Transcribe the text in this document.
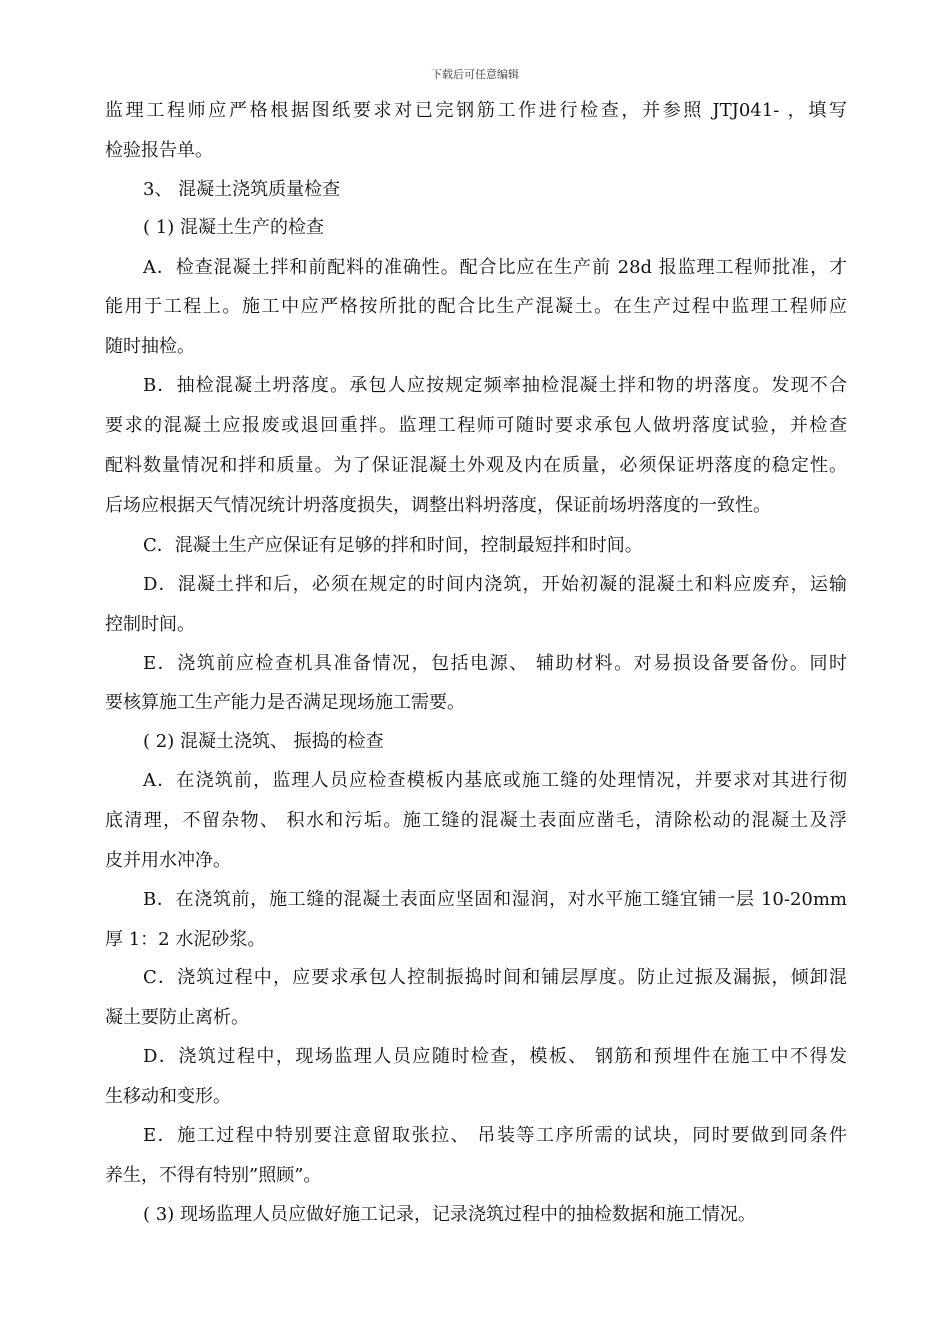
下载后可任意编辑
监理工程师应严格根据图纸要求对已完钢筋工作进行检查，并参照 JTJ041- ，填写
检验报告单。
3、 混凝土浇筑质量检查
( 1) 混凝土生产的检查
A．检查混凝土拌和前配料的准确性。配合比应在生产前 28d 报监理工程师批准，才
能用于工程上。施工中应严格按所批的配合比生产混凝土。在生产过程中监理工程师应
随时抽检。
B．抽检混凝土坍落度。承包人应按规定频率抽检混凝土拌和物的坍落度。发现不合
要求的混凝土应报废或退回重拌。监理工程师可随时要求承包人做坍落度试验，并检查
配料数量情况和拌和质量。为了保证混凝土外观及内在质量，必须保证坍落度的稳定性。
后场应根据天气情况统计坍落度损失，调整出料坍落度，保证前场坍落度的一致性。
C．混凝土生产应保证有足够的拌和时间，控制最短拌和时间。
D．混凝土拌和后，必须在规定的时间内浇筑，开始初凝的混凝土和料应废弃，运输
控制时间。
E．浇筑前应检查机具准备情况，包括电源、 辅助材料。对易损设备要备份。同时
要核算施工生产能力是否满足现场施工需要。
( 2) 混凝土浇筑、 振捣的检查
A．在浇筑前，监理人员应检查模板内基底或施工缝的处理情况，并要求对其进行彻
底清理，不留杂物、 积水和污垢。施工缝的混凝土表面应凿毛，清除松动的混凝土及浮
皮并用水冲净。
B．在浇筑前，施工缝的混凝土表面应坚固和湿润，对水平施工缝宜铺一层 10-20mm
厚 1：2 水泥砂浆。
C．浇筑过程中，应要求承包人控制振捣时间和铺层厚度。防止过振及漏振，倾卸混
凝土要防止离析。
D．浇筑过程中，现场监理人员应随时检查，模板、 钢筋和预埋件在施工中不得发
生移动和变形。
E．施工过程中特别要注意留取张拉、 吊装等工序所需的试块，同时要做到同条件
养生，不得有特别”照顾”。
( 3) 现场监理人员应做好施工记录，记录浇筑过程中的抽检数据和施工情况。
